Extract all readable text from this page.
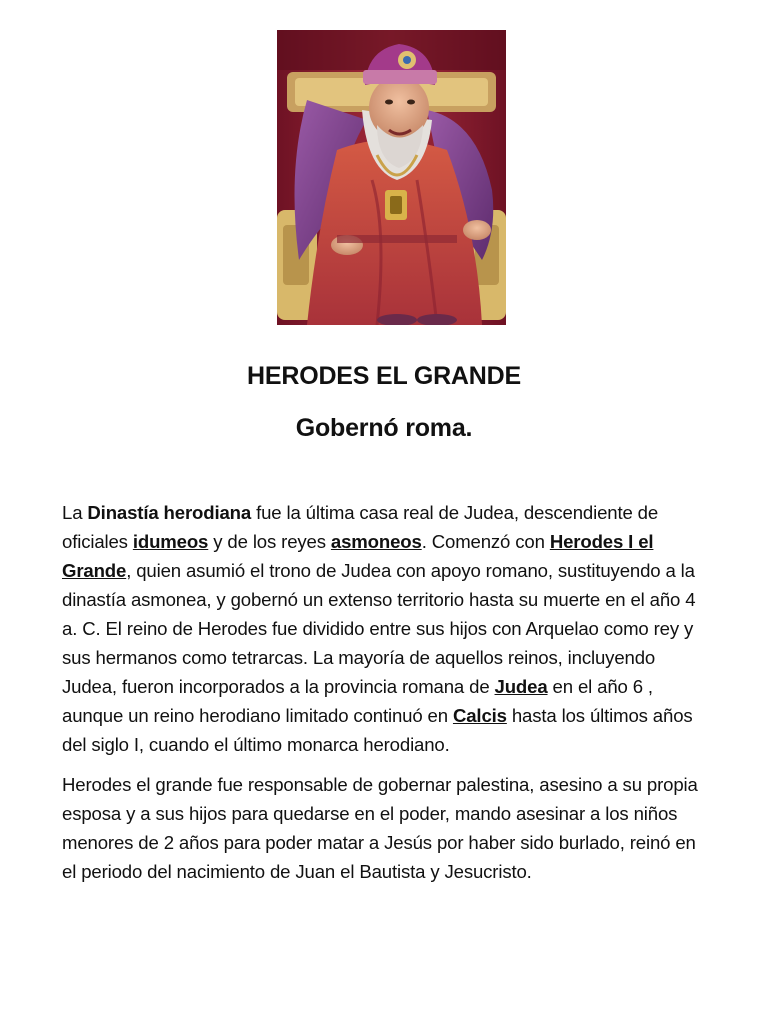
HERODES EL GRANDE
Gobernó roma.

La Dinastía herodiana fue la última casa real de Judea, descendiente de oficiales idumeos y de los reyes asmoneos. Comenzó con Herodes I el Grande, quien asumió el trono de Judea con apoyo romano, sustituyendo a la dinastía asmonea, y gobernó un extenso territorio hasta su muerte en el año 4 a. C. El reino de Herodes fue dividido entre sus hijos con Arquelao como rey y sus hermanos como tetrarcas. La mayoría de aquellos reinos, incluyendo Judea, fueron incorporados a la provincia romana de Judea en el año 6 , aunque un reino herodiano limitado continuó en Calcis hasta los últimos años del siglo I, cuando el último monarca herodiano.

Herodes el grande fue responsable de gobernar palestina, asesino a su propia esposa y a sus hijos para quedarse en el poder, mando asesinar a los niños menores de 2 años para poder matar a Jesús por haber sido burlado, reinó en el periodo del nacimiento de Juan el Bautista y Jesucristo.
